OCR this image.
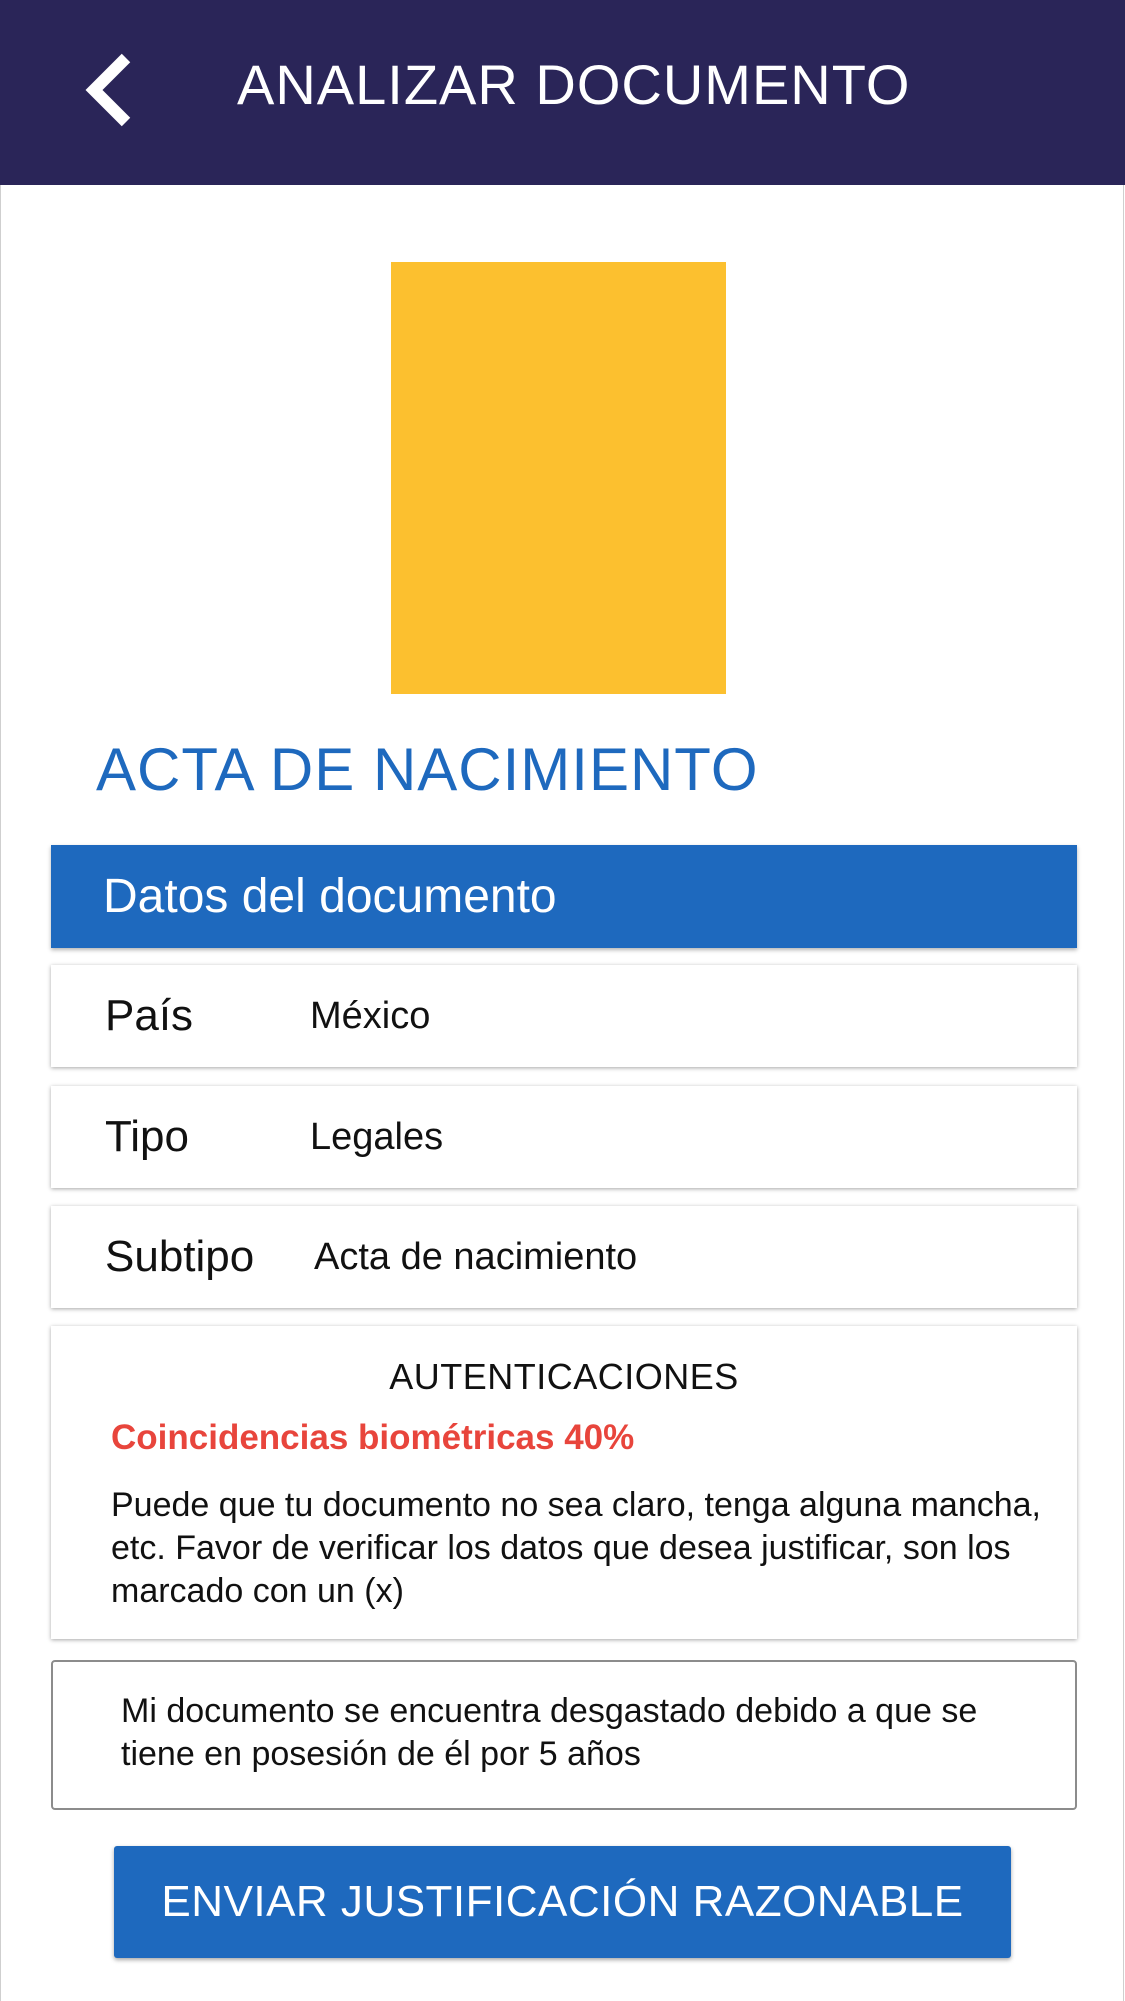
ANALIZAR DOCUMENTO
ACTA DE NACIMIENTO
Datos del documento
País	México
Tipo	Legales
Subtipo Acta de nacimiento
AUTENTICACIONES
Coincidencias biométricas 40%
Puede que tu documento no sea claro, tenga alguna mancha, etc. Favor de verificar los datos que desea justificar, son los marcado con un (x)
Mi documento se encuentra desgastado debido a que se tiene en posesión de él por 5 años
ENVIAR JUSTIFICACIÓN RAZONABLE
